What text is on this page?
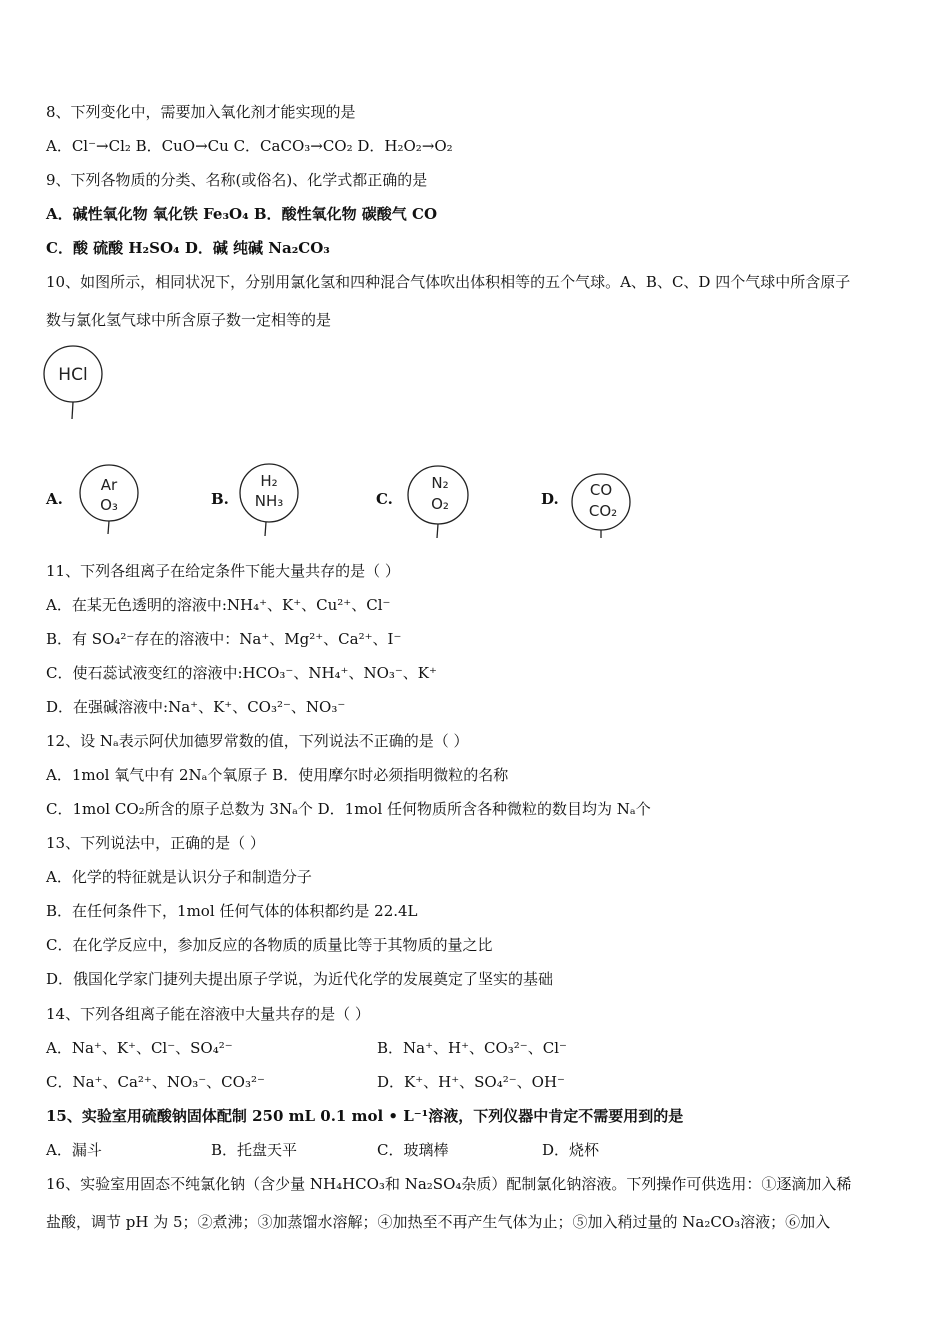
8、下列变化中，需要加入氧化剂才能实现的是
A．Cl⁻→Cl₂ B．CuO→Cu C．CaCO₃→CO₂ D．H₂O₂→O₂
9、下列各物质的分类、名称(或俗名)、化学式都正确的是
A．碱性氧化物 氧化铁 Fe₃O₄ B．酸性氧化物 碳酸气 CO
C．酸 硫酸 H₂SO₄ D．碱 纯碱 Na₂CO₃
10、如图所示，相同状况下，分别用氯化氢和四种混合气体吹出体积相等的五个气球。A、B、C、D 四个气球中所含原子
数与氯化氢气球中所含原子数一定相等的是
HCl
A.
Ar
O₃	B.
H₂
NH₃	C.
N₂
O₂	D. CO
CO₂
11、下列各组离子在给定条件下能大量共存的是（ ）
A．在某无色透明的溶液中:NH₄⁺、K⁺、Cu²⁺、Cl⁻
B．有 SO₄²⁻存在的溶液中：Na⁺、Mg²⁺、Ca²⁺、I⁻
C．使石蕊试液变红的溶液中:HCO₃⁻、NH₄⁺、NO₃⁻、K⁺
D．在强碱溶液中:Na⁺、K⁺、CO₃²⁻、NO₃⁻
12、设 Nₐ表示阿伏加德罗常数的值，下列说法不正确的是（ ）
A．1mol 氧气中有 2Nₐ个氧原子 B．使用摩尔时必须指明微粒的名称
C．1mol CO₂所含的原子总数为 3Nₐ个 D．1mol 任何物质所含各种微粒的数目均为 Nₐ个
13、下列说法中，正确的是（ ）
A．化学的特征就是认识分子和制造分子
B．在任何条件下，1mol 任何气体的体积都约是 22.4L
C．在化学反应中，参加反应的各物质的质量比等于其物质的量之比
D．俄国化学家门捷列夫提出原子学说，为近代化学的发展奠定了坚实的基础
14、下列各组离子能在溶液中大量共存的是（ ）
A．Na⁺、K⁺、Cl⁻、SO₄²⁻	B．Na⁺、H⁺、CO₃²⁻、Cl⁻
C．Na⁺、Ca²⁺、NO₃⁻、CO₃²⁻	D．K⁺、H⁺、SO₄²⁻、OH⁻
15、实验室用硫酸钠固体配制 250 mL 0.1 mol • L⁻¹溶液，下列仪器中肯定不需要用到的是
A．漏斗	B．托盘天平	C．玻璃棒	D．烧杯
16、实验室用固态不纯氯化钠（含少量 NH₄HCO₃和 Na₂SO₄杂质）配制氯化钠溶液。下列操作可供选用：①逐滴加入稀
盐酸，调节 pH 为 5；②煮沸；③加蒸馏水溶解；④加热至不再产生气体为止；⑤加入稍过量的 Na₂CO₃溶液；⑥加入
